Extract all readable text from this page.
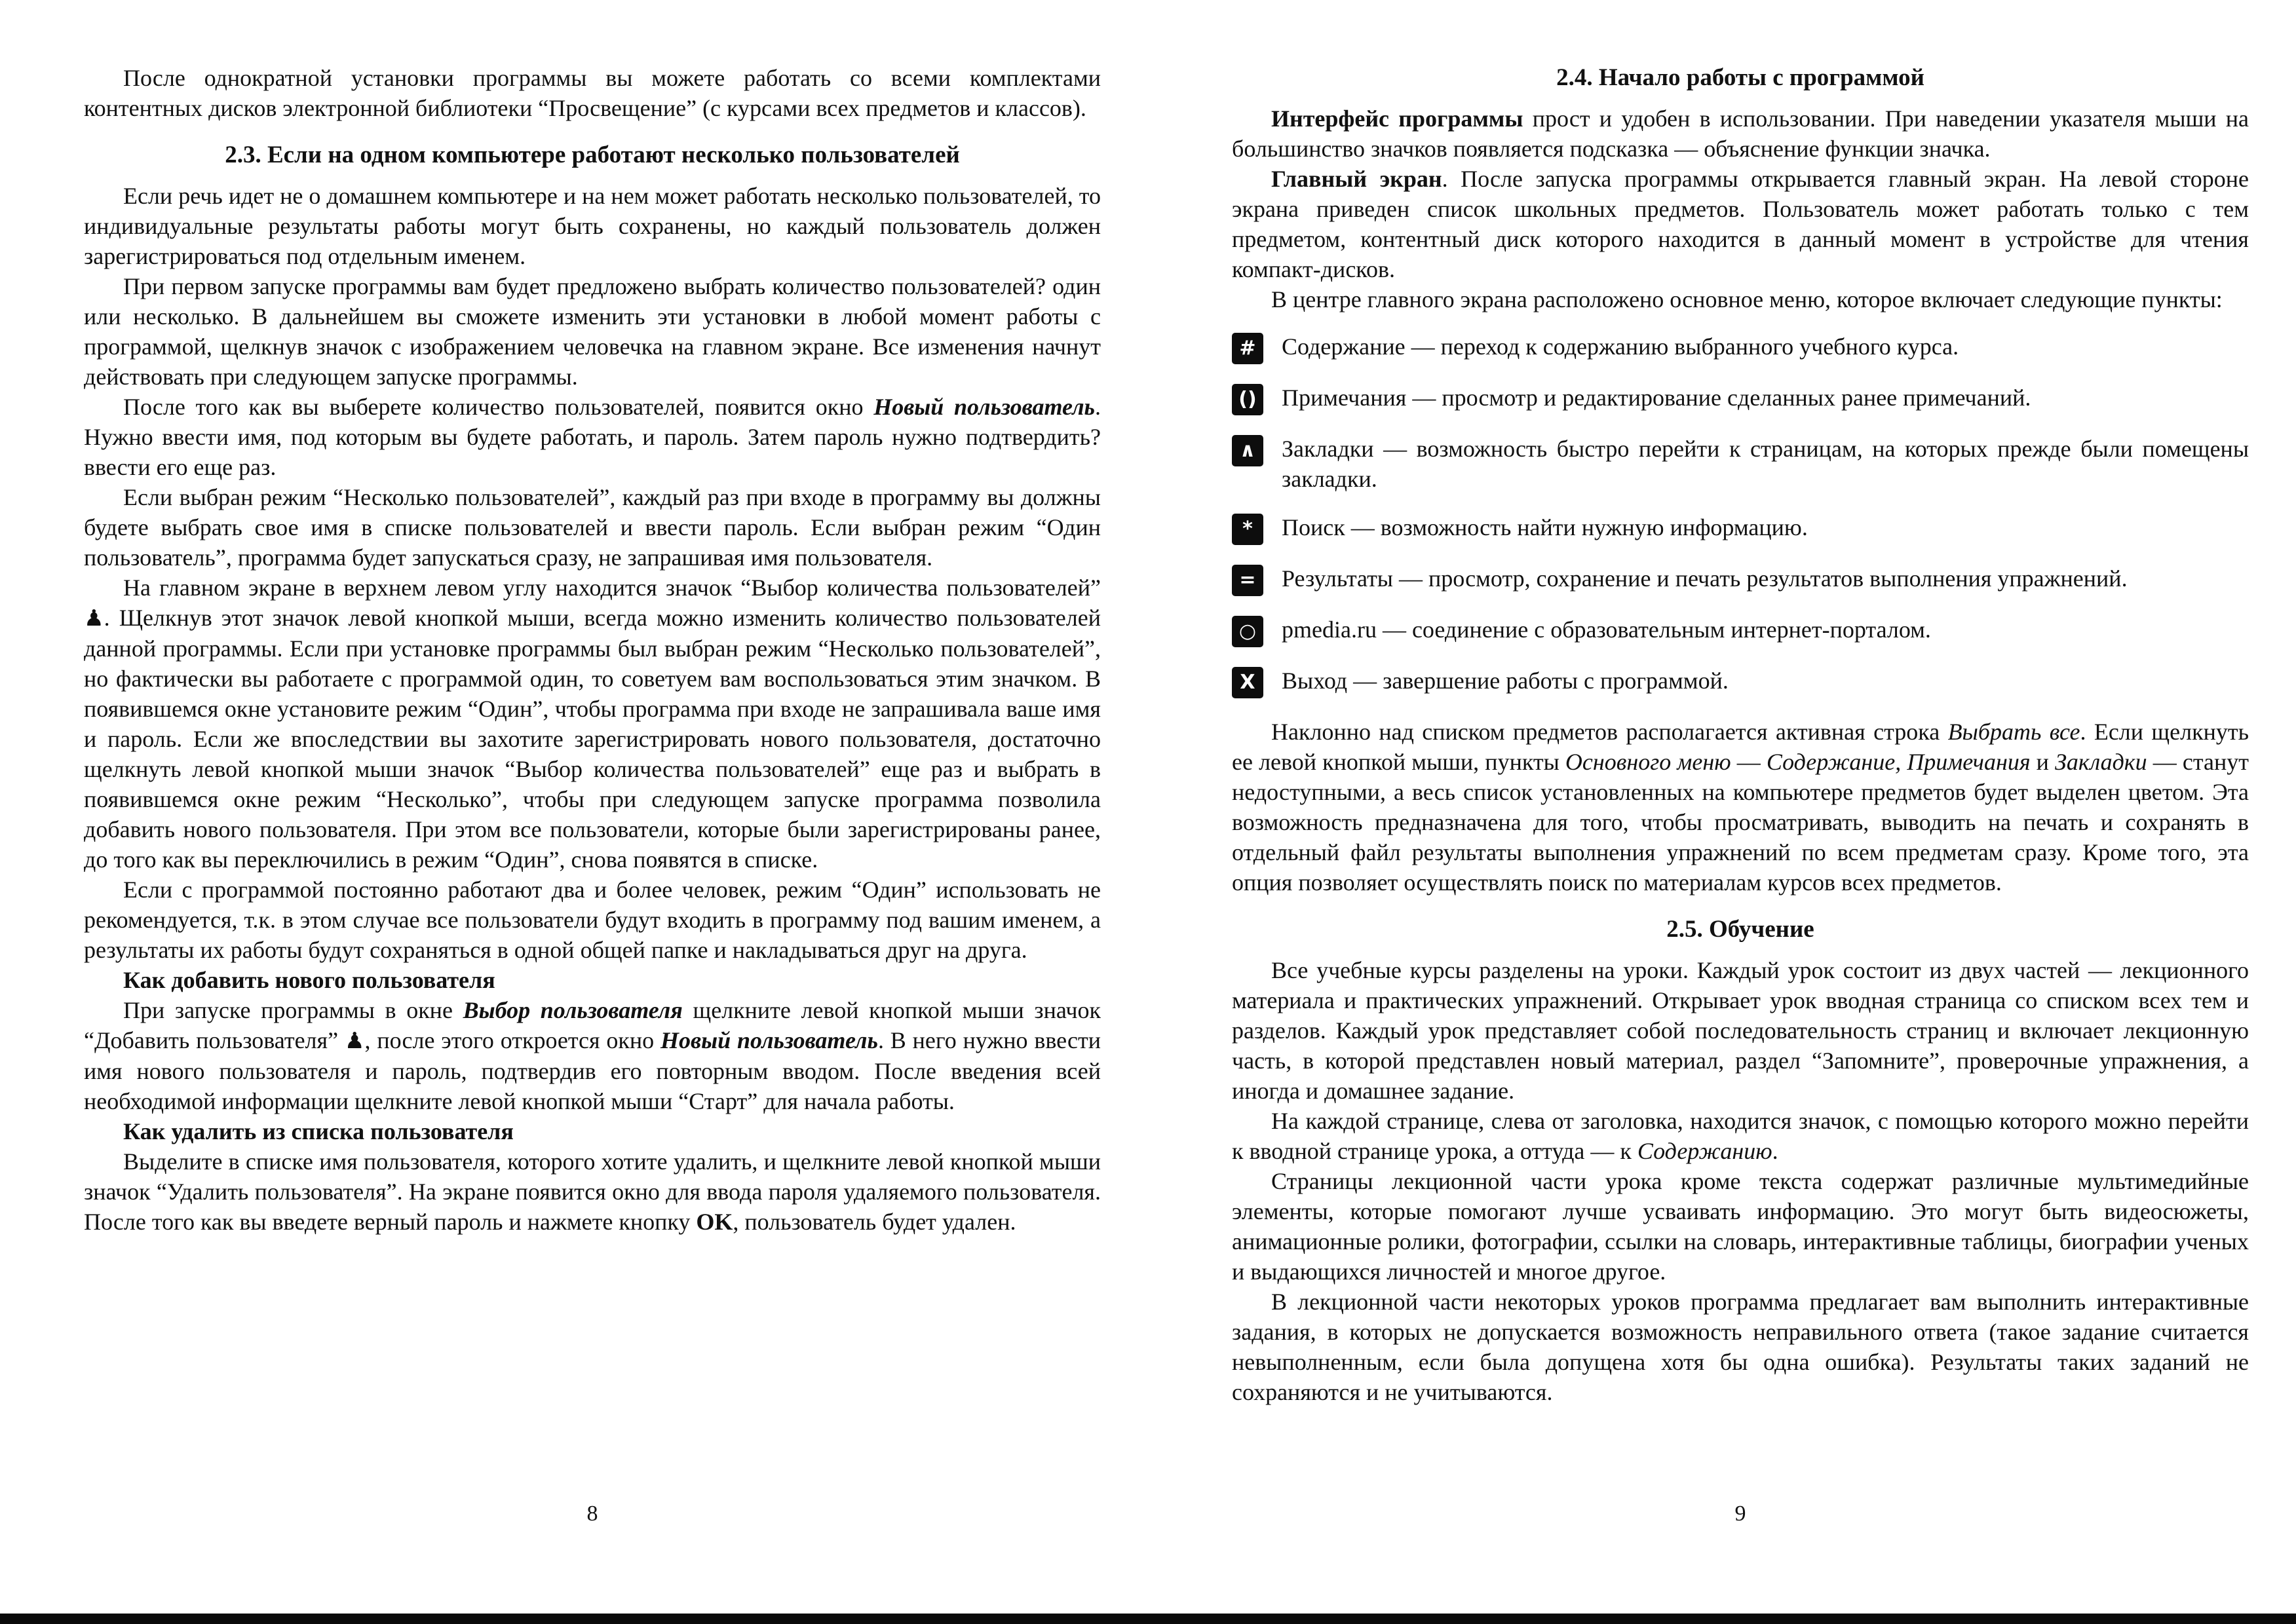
После однократной установки программы вы можете работать со всеми комплектами контентных дисков электронной библиотеки “Просвещение” (с курсами всех предметов и классов).

2.3. Если на одном компьютере работают несколько пользователей

Если речь идет не о домашнем компьютере и на нем может работать несколько пользователей, то индивидуальные результаты работы могут быть сохранены, но каждый пользователь должен зарегистрироваться под отдельным именем.

При первом запуске программы вам будет предложено выбрать количество пользователей? один или несколько. В дальнейшем вы сможете изменить эти установки в любой момент работы с программой, щелкнув значок с изображением человечка на главном экране. Все изменения начнут действовать при следующем запуске программы.

После того как вы выберете количество пользователей, появится окно Новый пользователь. Нужно ввести имя, под которым вы будете работать, и пароль. Затем пароль нужно подтвердить? ввести его еще раз.

Если выбран режим “Несколько пользователей”, каждый раз при входе в программу вы должны будете выбрать свое имя в списке пользователей и ввести пароль. Если выбран режим “Один пользователь”, программа будет запускаться сразу, не запрашивая имя пользователя.

На главном экране в верхнем левом углу находится значок “Выбор количества пользователей” ♟. Щелкнув этот значок левой кнопкой мыши, всегда можно изменить количество пользователей данной программы. Если при установке программы был выбран режим “Несколько пользователей”, но фактически вы работаете с программой один, то советуем вам воспользоваться этим значком. В появившемся окне установите режим “Один”, чтобы программа при входе не запрашивала ваше имя и пароль. Если же впоследствии вы захотите зарегистрировать нового пользователя, достаточно щелкнуть левой кнопкой мыши значок “Выбор количества пользователей” еще раз и выбрать в появившемся окне режим “Несколько”, чтобы при следующем запуске программа позволила добавить нового пользователя. При этом все пользователи, которые были зарегистрированы ранее, до того как вы переключились в режим “Один”, снова появятся в списке.

Если с программой постоянно работают два и более человек, режим “Один” использовать не рекомендуется, т.к. в этом случае все пользователи будут входить в программу под вашим именем, а результаты их работы будут сохраняться в одной общей папке и накладываться друг на друга.

Как добавить нового пользователя

При запуске программы в окне Выбор пользователя щелкните левой кнопкой мыши значок “Добавить пользователя” ♟, после этого откроется окно Новый пользователь. В него нужно ввести имя нового пользователя и пароль, подтвердив его повторным вводом. После введения всей необходимой информации щелкните левой кнопкой мыши “Старт” для начала работы.

Как удалить из списка пользователя

Выделите в списке имя пользователя, которого хотите удалить, и щелкните левой кнопкой мыши значок “Удалить пользователя”. На экране появится окно для ввода пароля удаляемого пользователя. После того как вы введете верный пароль и нажмете кнопку OK, пользователь будет удален.

2.4. Начало работы с программой

Интерфейс программы прост и удобен в использовании. При наведении указателя мыши на большинство значков появляется подсказка — объяснение функции значка.

Главный экран. После запуска программы открывается главный экран. На левой стороне экрана приведен список школьных предметов. Пользователь может работать только с тем предметом, контентный диск которого находится в данный момент в устройстве для чтения компакт-дисков.

В центре главного экрана расположено основное меню, которое включает следующие пункты:

#	Содержание — переход к содержанию выбранного учебного курса.

() Примечания — просмотр и редактирование сделанных ранее примечаний.

∧	Закладки — возможность быстро перейти к страницам, на которых прежде были помещены закладки.

*	Поиск — возможность найти нужную информацию.

=	Результаты — просмотр, сохранение и печать результатов выполнения упражнений.

○	pmedia.ru — соединение с образовательным интернет-порталом.

X	Выход — завершение работы с программой.

Наклонно над списком предметов располагается активная строка Выбрать все. Если щелкнуть ее левой кнопкой мыши, пункты Основного меню — Содержание, Примечания и Закладки — станут недоступными, а весь список установленных на компьютере предметов будет выделен цветом. Эта возможность предназначена для того, чтобы просматривать, выводить на печать и сохранять в отдельный файл результаты выполнения упражнений по всем предметам сразу. Кроме того, эта опция позволяет осуществлять поиск по материалам курсов всех предметов.

2.5. Обучение

Все учебные курсы разделены на уроки. Каждый урок состоит из двух частей — лекционного материала и практических упражнений. Открывает урок вводная страница со списком всех тем и разделов. Каждый урок представляет собой последовательность страниц и включает лекционную часть, в которой представлен новый материал, раздел “Запомните”, проверочные упражнения, а иногда и домашнее задание.

На каждой странице, слева от заголовка, находится значок, с помощью которого можно перейти к вводной странице урока, а оттуда — к Содержанию.

Страницы лекционной части урока кроме текста содержат различные мультимедийные элементы, которые помогают лучше усваивать информацию. Это могут быть видеосюжеты, анимационные ролики, фотографии, ссылки на словарь, интерактивные таблицы, биографии ученых и выдающихся личностей и многое другое.

В лекционной части некоторых уроков программа предлагает вам выполнить интерактивные задания, в которых не допускается возможность неправильного ответа (такое задание считается невыполненным, если была допущена хотя бы одна ошибка). Результаты таких заданий не сохраняются и не учитываются.

8	9
